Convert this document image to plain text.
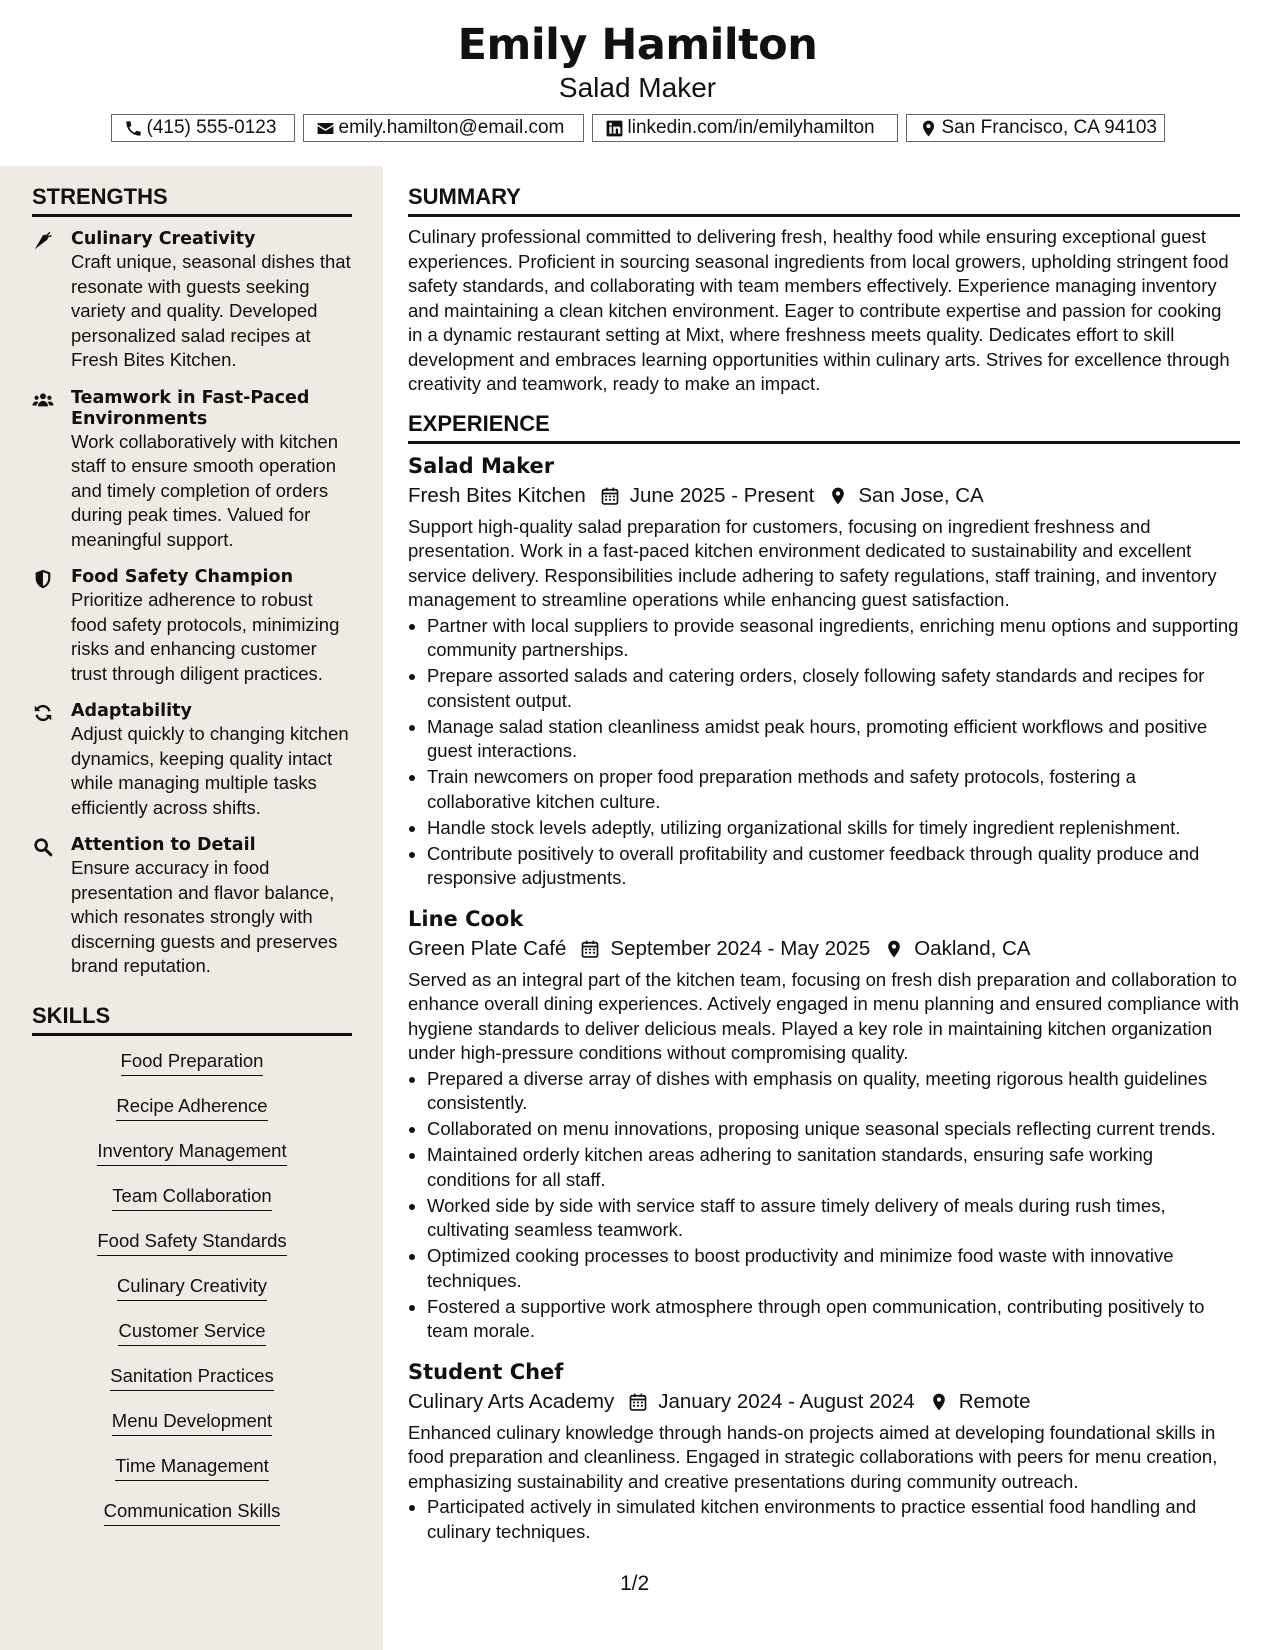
Emily Hamilton
Salad Maker
(415) 555-0123	emily.hamilton@email.com	linkedin.com/in/emilyhamilton	San Francisco, CA 94103
STRENGTHS
Culinary Creativity
Craft unique, seasonal dishes that resonate with guests seeking variety and quality. Developed personalized salad recipes at Fresh Bites Kitchen.
Teamwork in Fast-Paced Environments
Work collaboratively with kitchen staff to ensure smooth operation and timely completion of orders during peak times. Valued for meaningful support.
Food Safety Champion
Prioritize adherence to robust food safety protocols, minimizing risks and enhancing customer trust through diligent practices.
Adaptability
Adjust quickly to changing kitchen dynamics, keeping quality intact while managing multiple tasks efficiently across shifts.
Attention to Detail
Ensure accuracy in food presentation and flavor balance, which resonates strongly with discerning guests and preserves brand reputation.
SKILLS
Food Preparation
Recipe Adherence
Inventory Management
Team Collaboration
Food Safety Standards
Culinary Creativity
Customer Service
Sanitation Practices
Menu Development
Time Management
Communication Skills
SUMMARY
Culinary professional committed to delivering fresh, healthy food while ensuring exceptional guest experiences. Proficient in sourcing seasonal ingredients from local growers, upholding stringent food safety standards, and collaborating with team members effectively. Experience managing inventory and maintaining a clean kitchen environment. Eager to contribute expertise and passion for cooking in a dynamic restaurant setting at Mixt, where freshness meets quality. Dedicates effort to skill development and embraces learning opportunities within culinary arts. Strives for excellence through creativity and teamwork, ready to make an impact.
EXPERIENCE
Salad Maker
Fresh Bites Kitchen June 2025 - Present San Jose, CA
Support high-quality salad preparation for customers, focusing on ingredient freshness and presentation. Work in a fast-paced kitchen environment dedicated to sustainability and excellent service delivery. Responsibilities include adhering to safety regulations, staff training, and inventory management to streamline operations while enhancing guest satisfaction.
• Partner with local suppliers to provide seasonal ingredients, enriching menu options and supporting community partnerships.
• Prepare assorted salads and catering orders, closely following safety standards and recipes for consistent output.
• Manage salad station cleanliness amidst peak hours, promoting efficient workflows and positive guest interactions.
• Train newcomers on proper food preparation methods and safety protocols, fostering a collaborative kitchen culture.
• Handle stock levels adeptly, utilizing organizational skills for timely ingredient replenishment.
• Contribute positively to overall profitability and customer feedback through quality produce and responsive adjustments.
Line Cook
Green Plate Café September 2024 - May 2025 Oakland, CA
Served as an integral part of the kitchen team, focusing on fresh dish preparation and collaboration to enhance overall dining experiences. Actively engaged in menu planning and ensured compliance with hygiene standards to deliver delicious meals. Played a key role in maintaining kitchen organization under high-pressure conditions without compromising quality.
• Prepared a diverse array of dishes with emphasis on quality, meeting rigorous health guidelines consistently.
• Collaborated on menu innovations, proposing unique seasonal specials reflecting current trends.
• Maintained orderly kitchen areas adhering to sanitation standards, ensuring safe working conditions for all staff.
• Worked side by side with service staff to assure timely delivery of meals during rush times, cultivating seamless teamwork.
• Optimized cooking processes to boost productivity and minimize food waste with innovative techniques.
• Fostered a supportive work atmosphere through open communication, contributing positively to team morale.
Student Chef
Culinary Arts Academy January 2024 - August 2024 Remote
Enhanced culinary knowledge through hands-on projects aimed at developing foundational skills in food preparation and cleanliness. Engaged in strategic collaborations with peers for menu creation, emphasizing sustainability and creative presentations during community outreach.
• Participated actively in simulated kitchen environments to practice essential food handling and culinary techniques.
1/2
